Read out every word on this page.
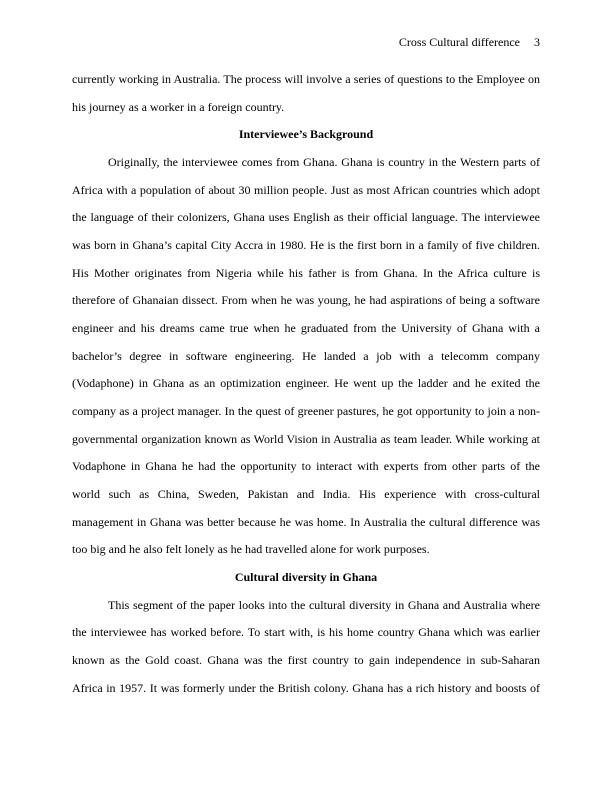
Cross Cultural difference 3
currently working in Australia. The process will involve a series of questions to the Employee on
his journey as a worker in a foreign country.
Interviewee’s Background
Originally, the interviewee comes from Ghana. Ghana is country in the Western parts of
Africa with a population of about 30 million people. Just as most African countries which adopt
the language of their colonizers, Ghana uses English as their official language. The interviewee
was born in Ghana’s capital City Accra in 1980. He is the first born in a family of five children.
His Mother originates from Nigeria while his father is from Ghana. In the Africa culture is
therefore of Ghanaian dissect. From when he was young, he had aspirations of being a software
engineer and his dreams came true when he graduated from the University of Ghana with a
bachelor’s degree in software engineering. He landed a job with a telecomm company
(Vodaphone) in Ghana as an optimization engineer. He went up the ladder and he exited the
company as a project manager. In the quest of greener pastures, he got opportunity to join a non-
governmental organization known as World Vision in Australia as team leader. While working at
Vodaphone in Ghana he had the opportunity to interact with experts from other parts of the
world such as China, Sweden, Pakistan and India. His experience with cross-cultural
management in Ghana was better because he was home. In Australia the cultural difference was
too big and he also felt lonely as he had travelled alone for work purposes.
Cultural diversity in Ghana
This segment of the paper looks into the cultural diversity in Ghana and Australia where
the interviewee has worked before. To start with, is his home country Ghana which was earlier
known as the Gold coast. Ghana was the first country to gain independence in sub-Saharan
Africa in 1957. It was formerly under the British colony. Ghana has a rich history and boosts of
